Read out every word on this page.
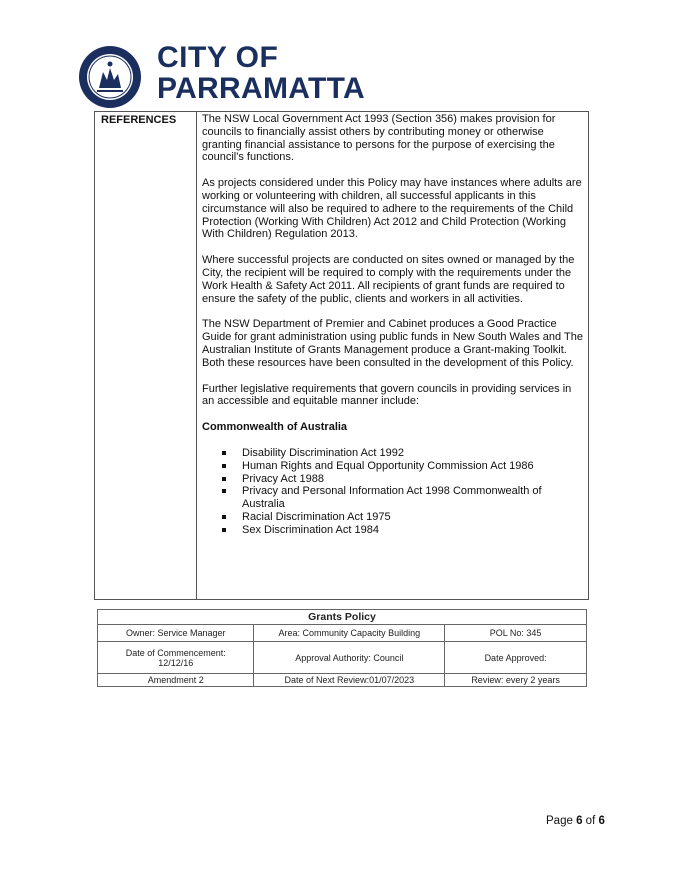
CITY OF
PARRAMATTA
REFERENCES The NSW Local Government Act 1993 (Section 356) makes provision for councils to financially assist others by contributing money or otherwise granting financial assistance to persons for the purpose of exercising the council's functions.

As projects considered under this Policy may have instances where adults are working or volunteering with children, all successful applicants in this circumstance will also be required to adhere to the requirements of the Child Protection (Working With Children) Act 2012 and Child Protection (Working With Children) Regulation 2013.

Where successful projects are conducted on sites owned or managed by the City, the recipient will be required to comply with the requirements under the Work Health & Safety Act 2011. All recipients of grant funds are required to ensure the safety of the public, clients and workers in all activities.

The NSW Department of Premier and Cabinet produces a Good Practice Guide for grant administration using public funds in New South Wales and The Australian Institute of Grants Management produce a Grant-making Toolkit. Both these resources have been consulted in the development of this Policy.

Further legislative requirements that govern councils in providing services in an accessible and equitable manner include:

Commonwealth of Australia
Disability Discrimination Act 1992
Human Rights and Equal Opportunity Commission Act 1986
Privacy Act 1988
Privacy and Personal Information Act 1998 Commonwealth of Australia
Racial Discrimination Act 1975
Sex Discrimination Act 1984
Grants Policy		
Owner: Service Manager	Area: Community Capacity Building	POL No: 345
Date of Commencement:
12/12/16	Approval Authority: Council	Date Approved:
Amendment 2	Date of Next Review:01/07/2023	Review: every 2 years
Page 6 of 6
